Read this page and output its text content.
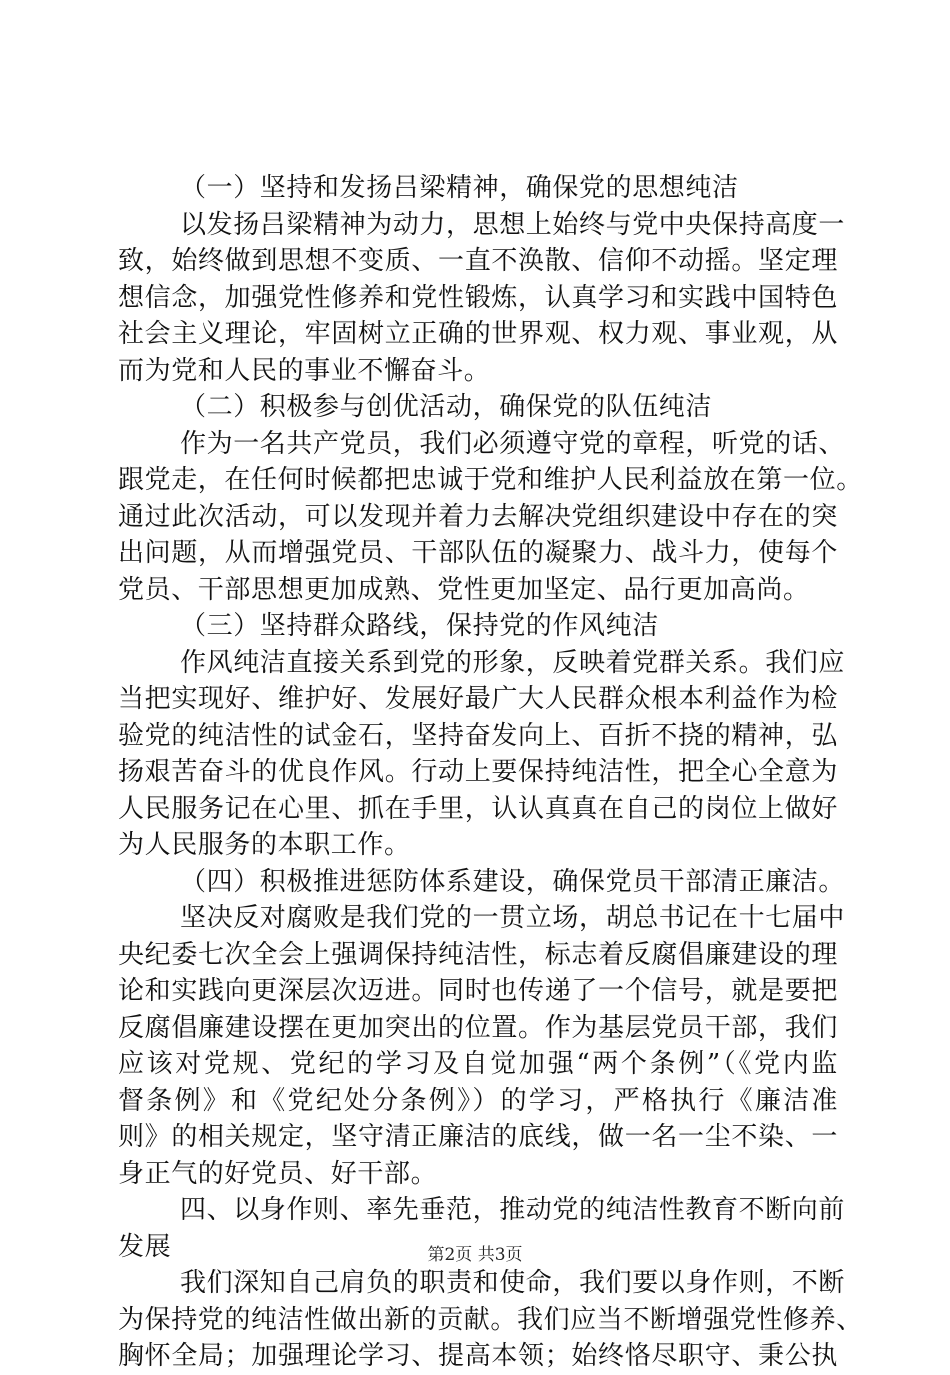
（一）坚持和发扬吕梁精神，确保党的思想纯洁
以发扬吕梁精神为动力，思想上始终与党中央保持高度一
致，始终做到思想不变质、一直不涣散、信仰不动摇。坚定理
想信念，加强党性修养和党性锻炼，认真学习和实践中国特色
社会主义理论，牢固树立正确的世界观、权力观、事业观，从
而为党和人民的事业不懈奋斗。
（二）积极参与创优活动，确保党的队伍纯洁
作为一名共产党员，我们必须遵守党的章程，听党的话、
跟党走，在任何时候都把忠诚于党和维护人民利益放在第一位。
通过此次活动，可以发现并着力去解决党组织建设中存在的突
出问题，从而增强党员、干部队伍的凝聚力、战斗力，使每个
党员、干部思想更加成熟、党性更加坚定、品行更加高尚。
（三）坚持群众路线，保持党的作风纯洁
作风纯洁直接关系到党的形象，反映着党群关系。我们应
当把实现好、维护好、发展好最广大人民群众根本利益作为检
验党的纯洁性的试金石，坚持奋发向上、百折不挠的精神，弘
扬艰苦奋斗的优良作风。行动上要保持纯洁性，把全心全意为
人民服务记在心里、抓在手里，认认真真在自己的岗位上做好
为人民服务的本职工作。
（四）积极推进惩防体系建设，确保党员干部清正廉洁。
坚决反对腐败是我们党的一贯立场，胡总书记在十七届中
央纪委七次全会上强调保持纯洁性，标志着反腐倡廉建设的理
论和实践向更深层次迈进。同时也传递了一个信号，就是要把
反腐倡廉建设摆在更加突出的位置。作为基层党员干部，我们
应该对党规、党纪的学习及自觉加强“两个条例”（《党内监
督条例》和《党纪处分条例》）的学习，严格执行《廉洁准
则》的相关规定，坚守清正廉洁的底线，做一名一尘不染、一
身正气的好党员、好干部。
四、以身作则、率先垂范，推动党的纯洁性教育不断向前
发展
我们深知自己肩负的职责和使命，我们要以身作则，不断
为保持党的纯洁性做出新的贡献。我们应当不断增强党性修养、
胸怀全局；加强理论学习、提高本领；始终恪尽职守、秉公执
第2页 共3页
